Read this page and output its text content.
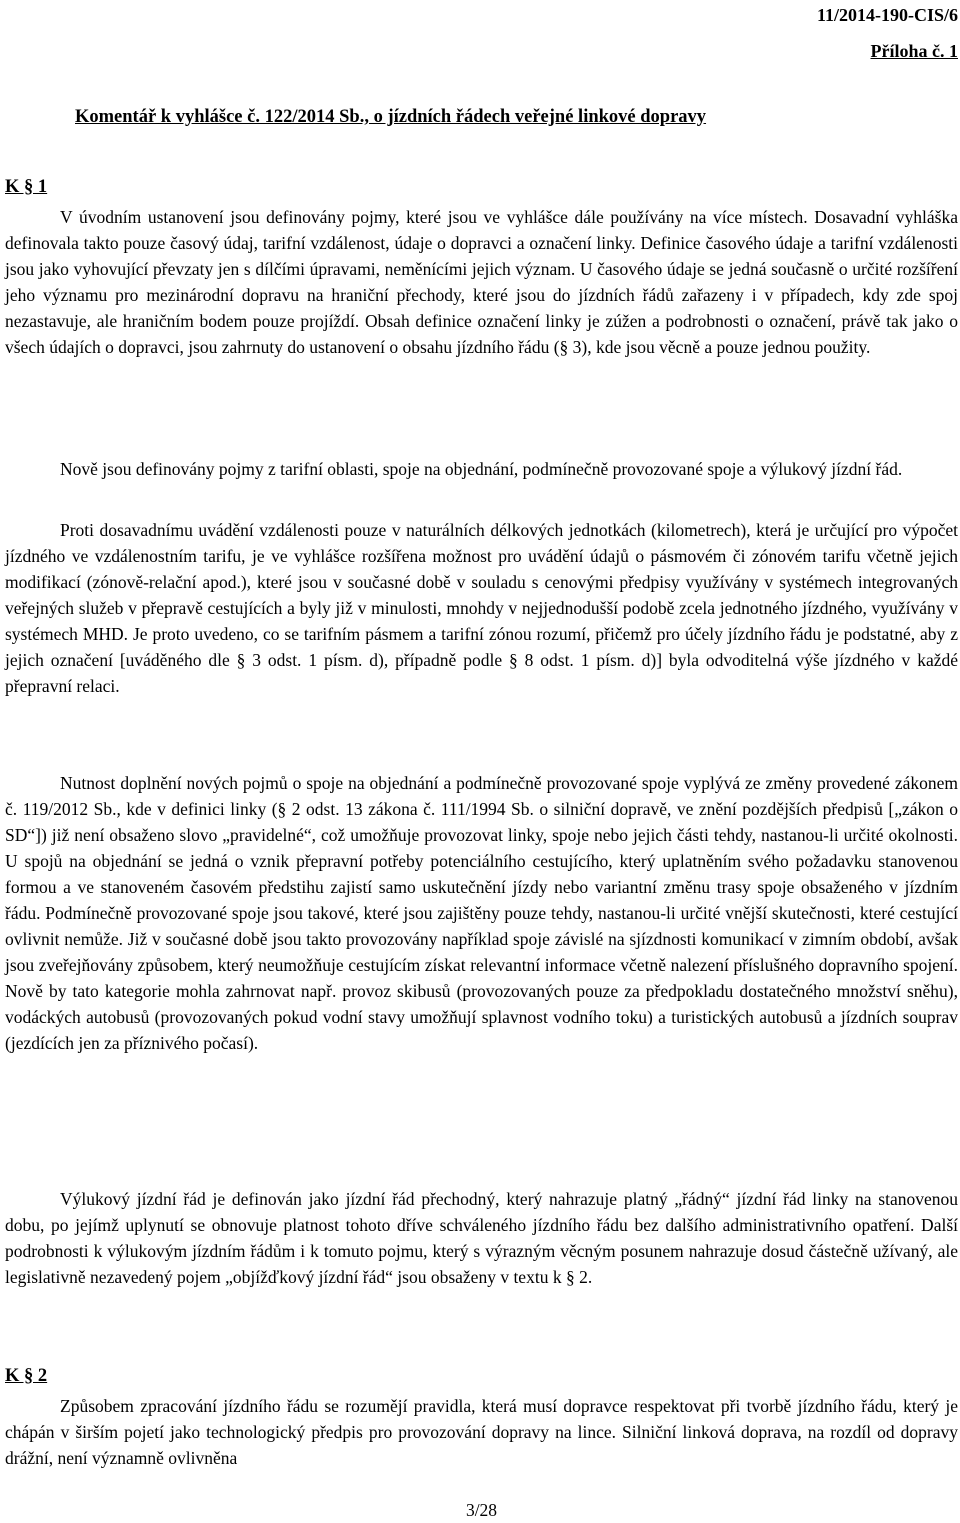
11/2014-190-CIS/6

Příloha č. 1

Komentář k vyhlášce č. 122/2014 Sb., o jízdních řádech veřejné linkové dopravy

K § 1

V úvodním ustanovení jsou definovány pojmy, které jsou ve vyhlášce dále používány na více místech. Dosavadní vyhláška definovala takto pouze časový údaj, tarifní vzdálenost, údaje o dopravci a označení linky. Definice časového údaje a tarifní vzdálenosti jsou jako vyhovující převzaty jen s dílčími úpravami, neměnícími jejich význam. U časového údaje se jedná současně o určité rozšíření jeho významu pro mezinárodní dopravu na hraniční přechody, které jsou do jízdních řádů zařazeny i v případech, kdy zde spoj nezastavuje, ale hraničním bodem pouze projíždí. Obsah definice označení linky je zúžen a podrobnosti o označení, právě tak jako o všech údajích o dopravci, jsou zahrnuty do ustanovení o obsahu jízdního řádu (§ 3), kde jsou věcně a pouze jednou použity.

Nově jsou definovány pojmy z tarifní oblasti, spoje na objednání, podmínečně provozované spoje a výlukový jízdní řád.

Proti dosavadnímu uvádění vzdálenosti pouze v naturálních délkových jednotkách (kilometrech), která je určující pro výpočet jízdného ve vzdálenostním tarifu, je ve vyhlášce rozšířena možnost pro uvádění údajů o pásmovém či zónovém tarifu včetně jejich modifikací (zónově-relační apod.), které jsou v současné době v souladu s cenovými předpisy využívány v systémech integrovaných veřejných služeb v přepravě cestujících a byly již v minulosti, mnohdy v nejjednodušší podobě zcela jednotného jízdného, využívány v systémech MHD. Je proto uvedeno, co se tarifním pásmem a tarifní zónou rozumí, přičemž pro účely jízdního řádu je podstatné, aby z jejich označení [uváděného dle § 3 odst. 1 písm. d), případně podle § 8 odst. 1 písm. d)] byla odvoditelná výše jízdného v každé přepravní relaci.

Nutnost doplnění nových pojmů o spoje na objednání a podmínečně provozované spoje vyplývá ze změny provedené zákonem č. 119/2012 Sb., kde v definici linky (§ 2 odst. 13 zákona č. 111/1994 Sb. o silniční dopravě, ve znění pozdějších předpisů [„zákon o SD“]) již není obsaženo slovo „pravidelné“, což umožňuje provozovat linky, spoje nebo jejich části tehdy, nastanou-li určité okolnosti. U spojů na objednání se jedná o vznik přepravní potřeby potenciálního cestujícího, který uplatněním svého požadavku stanovenou formou a ve stanoveném časovém předstihu zajistí samo uskutečnění jízdy nebo variantní změnu trasy spoje obsaženého v jízdním řádu. Podmínečně provozované spoje jsou takové, které jsou zajištěny pouze tehdy, nastanou-li určité vnější skutečnosti, které cestující ovlivnit nemůže. Již v současné době jsou takto provozovány například spoje závislé na sjízdnosti komunikací v zimním období, avšak jsou zveřejňovány způsobem, který neumožňuje cestujícím získat relevantní informace včetně nalezení příslušného dopravního spojení. Nově by tato kategorie mohla zahrnovat např. provoz skibusů (provozovaných pouze za předpokladu dostatečného množství sněhu), vodáckých autobusů (provozovaných pokud vodní stavy umožňují splavnost vodního toku) a turistických autobusů a jízdních souprav (jezdících jen za příznivého počasí).

Výlukový jízdní řád je definován jako jízdní řád přechodný, který nahrazuje platný „řádný“ jízdní řád linky na stanovenou dobu, po jejímž uplynutí se obnovuje platnost tohoto dříve schváleného jízdního řádu bez dalšího administrativního opatření. Další podrobnosti k výlukovým jízdním řádům i k tomuto pojmu, který s výrazným věcným posunem nahrazuje dosud částečně užívaný, ale legislativně nezavedený pojem „objížďkový jízdní řád“ jsou obsaženy v textu k § 2.

K § 2

Způsobem zpracování jízdního řádu se rozumějí pravidla, která musí dopravce respektovat při tvorbě jízdního řádu, který je chápán v širším pojetí jako technologický předpis pro provozování dopravy na lince. Silniční linková doprava, na rozdíl od dopravy drážní, není významně ovlivněna

3/28
